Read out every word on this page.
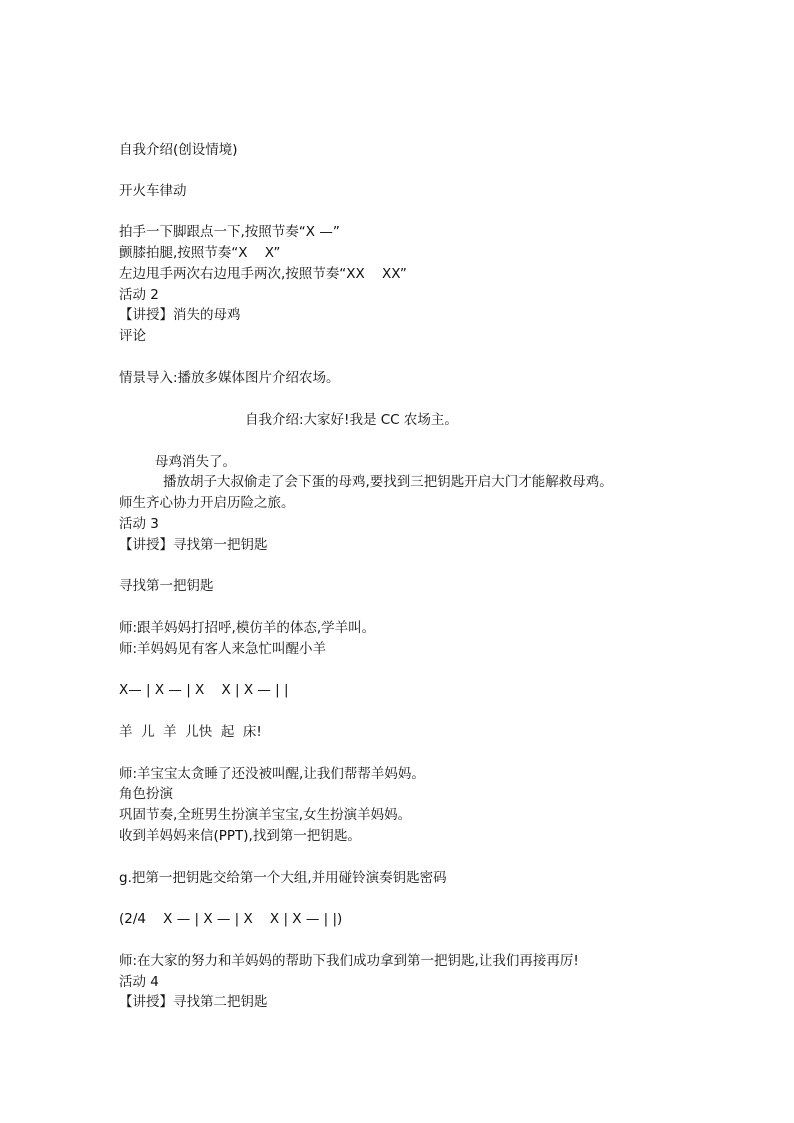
自我介绍(创设情境)
开火车律动
拍手一下脚跟点一下,按照节奏“X —”
颤膝拍腿,按照节奏“X    X”
左边甩手两次右边甩手两次,按照节奏“XX    XX”
活动 2
【讲授】消失的母鸡
评论
情景导入:播放多媒体图片介绍农场。
自我介绍:大家好!我是 CC 农场主。
母鸡消失了。
播放胡子大叔偷走了会下蛋的母鸡,要找到三把钥匙开启大门才能解救母鸡。
师生齐心协力开启历险之旅。
活动 3
【讲授】寻找第一把钥匙
寻找第一把钥匙
师:跟羊妈妈打招呼,模仿羊的体态,学羊叫。
师:羊妈妈见有客人来急忙叫醒小羊
X— | X — | X    X | X — | |
羊  儿  羊  儿快  起  床!
师:羊宝宝太贪睡了还没被叫醒,让我们帮帮羊妈妈。
角色扮演
巩固节奏,全班男生扮演羊宝宝,女生扮演羊妈妈。
收到羊妈妈来信(PPT),找到第一把钥匙。
g.把第一把钥匙交给第一个大组,并用碰铃演奏钥匙密码
(2/4    X — | X — | X    X | X — | |)
师:在大家的努力和羊妈妈的帮助下我们成功拿到第一把钥匙,让我们再接再厉!
活动 4
【讲授】寻找第二把钥匙
